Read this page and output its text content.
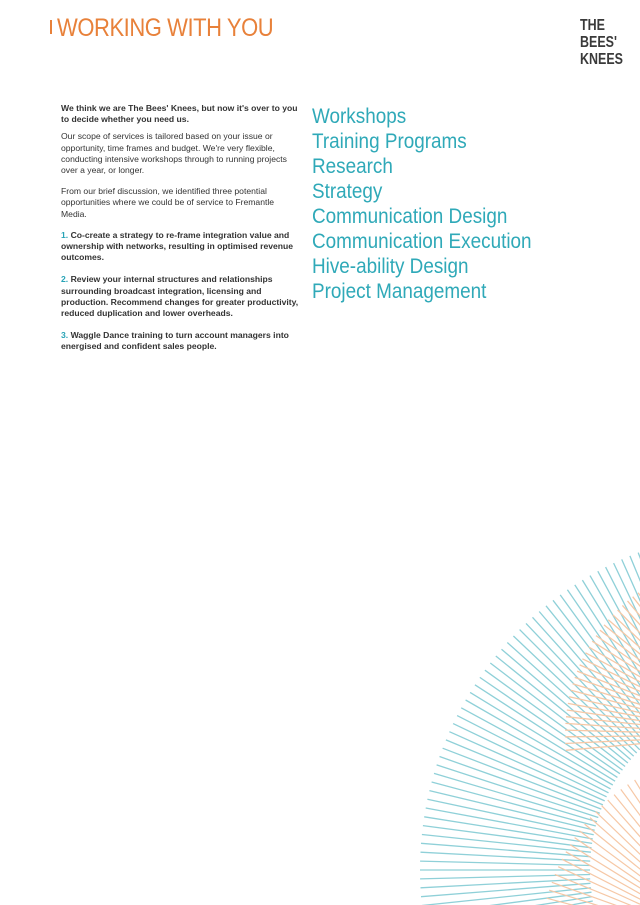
WORKING WITH YOU	THE
BEES'
KNEES

We think we are The Bees' Knees, but now it's over to you to decide whether you need us.

Our scope of services is tailored based on your issue or opportunity, time frames and budget. We're very flexible, conducting intensive workshops through to running projects over a year, or longer.

From our brief discussion, we identified three potential opportunities where we could be of service to Fremantle Media.

1. Co-create a strategy to re-frame integration value and ownership with networks, resulting in optimised revenue outcomes.

2. Review your internal structures and relationships surrounding broadcast integration, licensing and production. Recommend changes for greater productivity, reduced duplication and lower overheads.

3. Waggle Dance training to turn account managers into energised and confident sales people.

Workshops
Training Programs
Research
Strategy
Communication Design
Communication Execution
Hive-ability Design
Project Management
